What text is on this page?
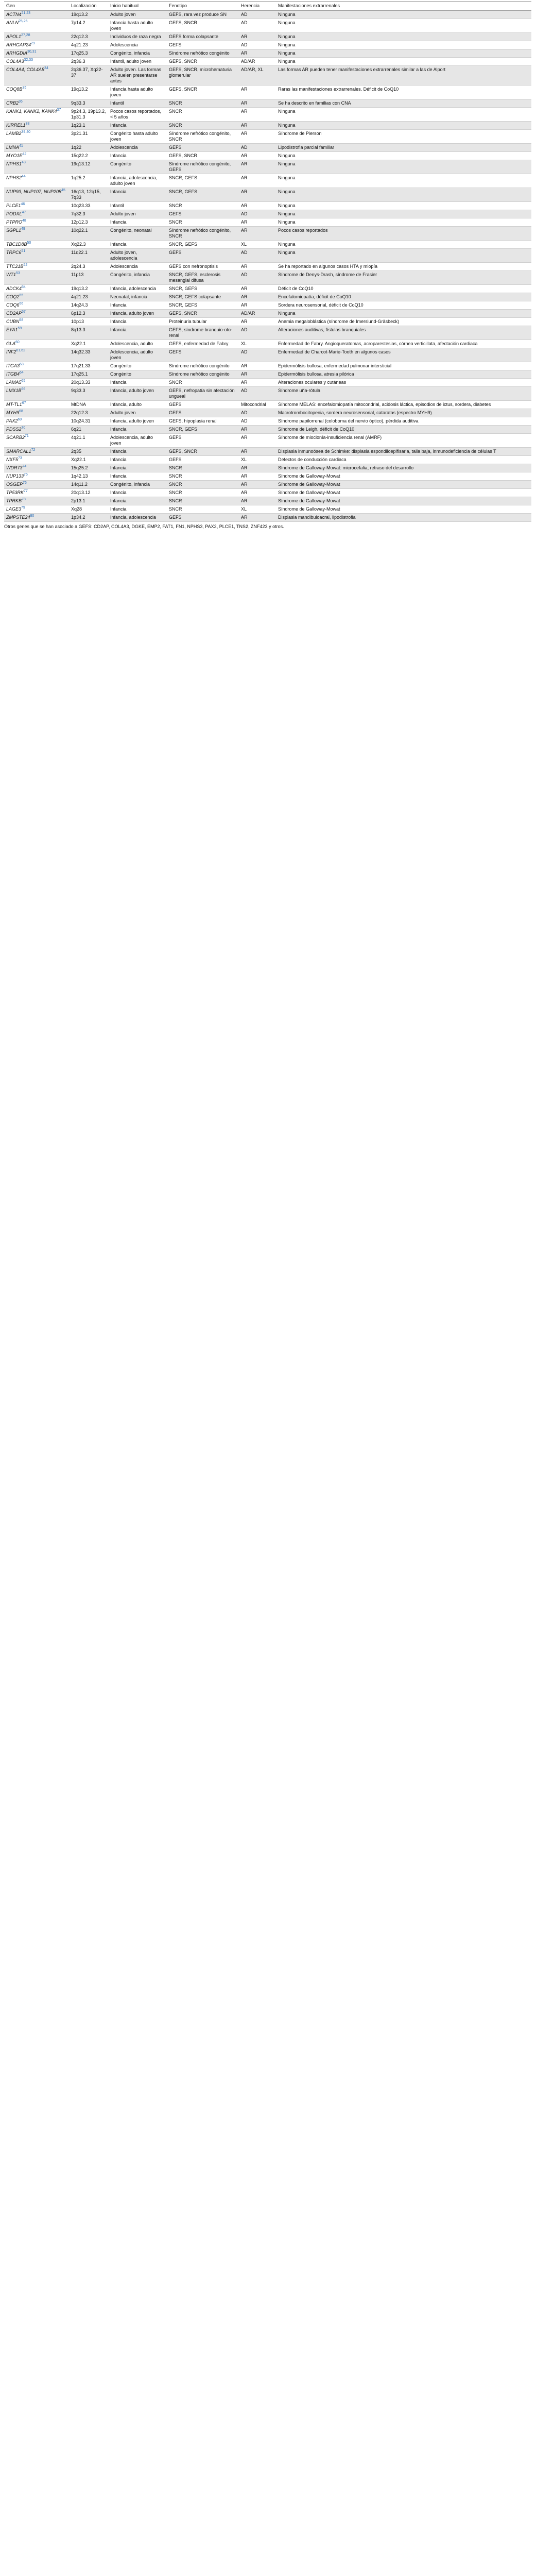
Gen	Localización	Inicio habitual	Fenotipo	Herencia	Manifestaciones extrarrenales
ACTN4$^{21,23}$	19q13.2	Adulto joven	GEFS, rara vez produce SN	AD	Ninguna
ANLN$^{25,26}$	7p14.2	Infancia hasta adulto joven	GEFS, SNCR	AD	Ninguna
APOL1$^{27,28}$	22q12.3	Individuos de raza negra	GEFS forma colapsante	AR	Ninguna
ARHGAP24$^{29}$	4q21.23	Adolescencia	GEFS	AD	Ninguna
ARHGDIA$^{30,31}$	17q25.3	Congénito, infancia	Síndrome nefrótico congénito	AR	Ninguna
COL4A3$^{32,33}$	2q36.3	Infantil, adulto joven	GEFS, SNCR	AD/AR	Ninguna
COL4A4, COL4A5$^{34}$	2q36.37, Xq22-37	Adulto joven. Las formas AR suelen presentarse antes	GEFS, SNCR, microhematuria glomerular	AD/AR, XL	Las formas AR pueden tener manifestaciones extrarrenales similar a las de Alport
COQ8B$^{35}$	19q13.2	Infancia hasta adulto joven	GEFS, SNCR	AR	Raras las manifestaciones extrarrenales. Déficit de CoQ10
CRB2$^{36}$	9q33.3	Infantil	SNCR	AR	Se ha descrito en familias con CNA
KANK1, KANK2, KANK4$^{37}$	9p24.3, 19p13.2, 1p31.3	Pocos casos reportados, < 5 años	SNCR	AR	Ninguna
KIRREL1$^{38}$	1q23.1	Infancia	SNCR	AR	Ninguna
LAMB2$^{39,40}$	3p21.31	Congénito hasta adulto joven	Síndrome nefrótico congénito, SNCR	AR	Síndrome de Pierson
LMNA$^{41}$	1q22	Adolescencia	GEFS	AD	Lipodistrofia parcial familiar
MYO1E$^{42}$	15q22.2	Infancia	GEFS, SNCR	AR	Ninguna
NPHS1$^{43}$	19q13.12	Congénito	Síndrome nefrótico congénito, GEFS	AR	Ninguna
NPHS2$^{44}$	1q25.2	Infancia, adolescencia, adulto joven	SNCR, GEFS	AR	Ninguna
NUP93, NUP107, NUP205$^{45}$	16q13, 12q15, 7q33	Infancia	SNCR, GEFS	AR	Ninguna
PLCE1$^{46}$	10q23.33	Infantil	SNCR	AR	Ninguna
PODXL$^{47}$	7q32.3	Adulto joven	GEFS	AD	Ninguna
PTPRO$^{48}$	12p12.3	Infancia	SNCR	AR	Ninguna
SGPL1$^{49}$	10q22.1	Congénito, neonatal	Síndrome nefrótico congénito, SNCR	AR	Pocos casos reportados
TBC1D8B$^{50}$	Xq22.3	Infancia	SNCR, GEFS	XL	Ninguna
TRPC6$^{51}$	11q22.1	Adulto joven, adolescencia	GEFS	AD	Ninguna
TTC21B$^{52}$	2q24.3	Adolescencia	GEFS con nefronoptisis	AR	Se ha reportado en algunos casos HTA y miopía
WT1$^{53}$	11p13	Congénito, infancia	SNCR, GEFS, esclerosis mesangial difusa	AD	Síndrome de Denys-Drash, síndrome de Frasier
ADCK4$^{54}$	19q13.2	Infancia, adolescencia	SNCR, GEFS	AR	Déficit de CoQ10
COQ2$^{55}$	4q21.23	Neonatal, infancia	SNCR, GEFS colapsante	AR	Encefalomiopatía, déficit de CoQ10
COQ6$^{56}$	14q24.3	Infancia	SNCR, GEFS	AR	Sordera neurosensorial, déficit de CoQ10
CD2AP$^{57}$	6p12.3	Infancia, adulto joven	GEFS, SNCR	AD/AR	Ninguna
CUBN$^{58}$	10p13	Infancia	Proteinuria tubular	AR	Anemia megaloblástica (síndrome de Imerslund-Gräsbeck)
EYA1$^{59}$	8q13.3	Infancia	GEFS, síndrome branquio-oto-renal	AD	Alteraciones auditivas, fístulas branquiales
GLA$^{60}$	Xq22.1	Adolescencia, adulto	GEFS, enfermedad de Fabry	XL	Enfermedad de Fabry. Angioqueratomas, acroparestesias, córnea verticillata, afectación cardiaca
INF2$^{61,62}$	14q32.33	Adolescencia, adulto joven	GEFS	AD	Enfermedad de Charcot-Marie-Tooth en algunos casos
ITGA3$^{63}$	17q21.33	Congénito	Síndrome nefrótico congénito	AR	Epidermólisis bullosa, enfermedad pulmonar intersticial
ITGB4$^{64}$	17q25.1	Congénito	Síndrome nefrótico congénito	AR	Epidermólisis bullosa, atresia pilórica
LAMA5$^{65}$	20q13.33	Infancia	SNCR	AR	Alteraciones oculares y cutáneas
LMX1B$^{66}$	9q33.3	Infancia, adulto joven	GEFS, nefropatía sin afectación ungueal	AD	Síndrome uña-rótula
MT-TL1$^{67}$	MtDNA	Infancia, adulto	GEFS	Mitocondrial	Síndrome MELAS: encefalomiopatía mitocondrial, acidosis láctica, episodios de ictus, sordera, diabetes
MYH9$^{68}$	22q12.3	Adulto joven	GEFS	AD	Macrotrombocitopenia, sordera neurosensorial, cataratas (espectro MYH9)
PAX2$^{69}$	10q24.31	Infancia, adulto joven	GEFS, hipoplasia renal	AD	Síndrome papilorrenal (coloboma del nervio óptico), pérdida auditiva
PDSS2$^{70}$	6q21	Infancia	SNCR, GEFS	AR	Síndrome de Leigh, déficit de CoQ10
SCARB2$^{71}$	4q21.1	Adolescencia, adulto joven	GEFS	AR	Síndrome de mioclonía-insuficiencia renal (AMRF)
SMARCAL1$^{72}$	2q35	Infancia	GEFS, SNCR	AR	Displasia inmunoósea de Schimke: displasia espondiloepifisaria, talla baja, inmunodeficiencia de células T
NXF5$^{73}$	Xq22.1	Infancia	GEFS	XL	Defectos de conducción cardiaca
WDR73$^{74}$	15q25.2	Infancia	SNCR	AR	Síndrome de Galloway-Mowat: microcefalia, retraso del desarrollo
NUP133$^{75}$	1q42.13	Infancia	SNCR	AR	Síndrome de Galloway-Mowat
OSGEP$^{76}$	14q11.2	Congénito, infancia	SNCR	AR	Síndrome de Galloway-Mowat
TP53RK$^{77}$	20q13.12	Infancia	SNCR	AR	Síndrome de Galloway-Mowat
TPRKB$^{78}$	2p13.1	Infancia	SNCR	AR	Síndrome de Galloway-Mowat
LAGE3$^{79}$	Xq28	Infancia	SNCR	XL	Síndrome de Galloway-Mowat
ZMPSTE24$^{80}$	1p34.2	Infancia, adolescencia	GEFS	AR	Displasia mandibuloacral, lipodistrofia
Otros genes que se han asociado a GEFS: CD2AP, COL4A3, DGKE, EMP2, FAT1, FN1, NPHS3, PAX2, PLCE1, TNS2, ZNF423 y otros.
